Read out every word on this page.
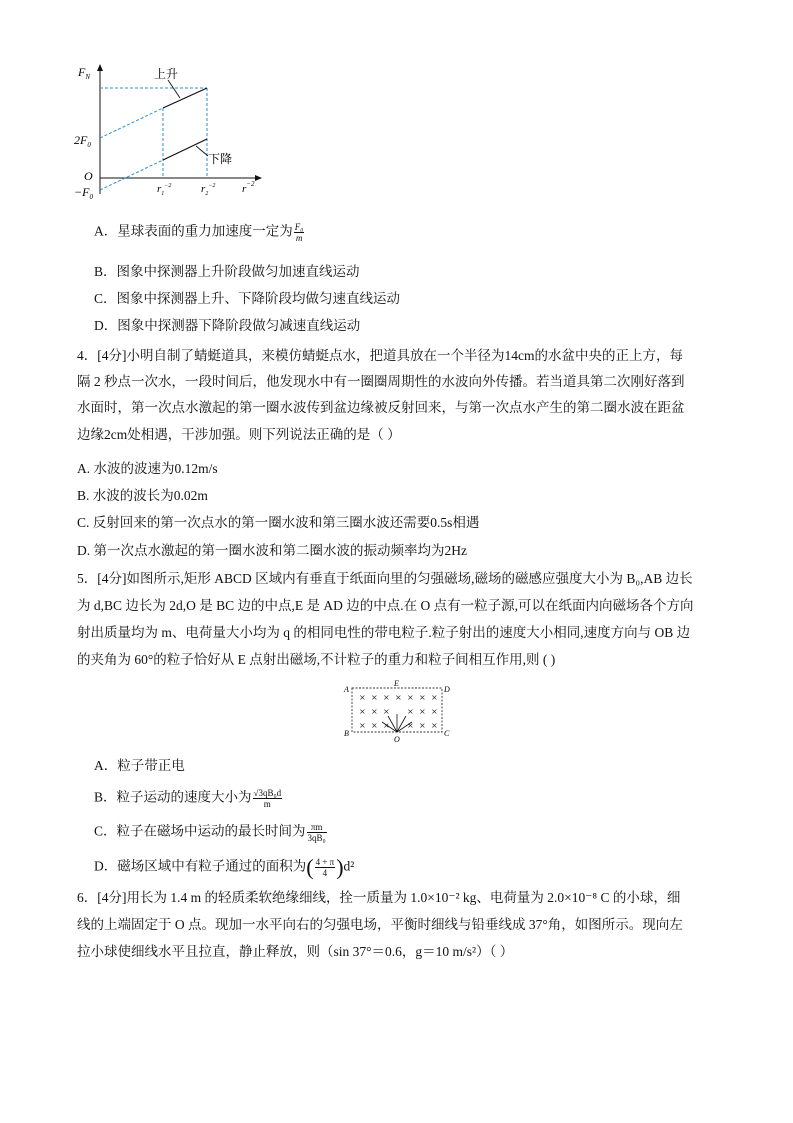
$F_N$	上升
下降
$2F_0$
O
$-F_0$
$r_1^{-2}$	$r_2^{-2}$ $r^{-2}$
A．星球表面的重力加速度一定为 $\frac{\text{F₀}}{m}$
B．图象中探测器上升阶段做匀加速直线运动
C．图象中探测器上升、下降阶段均做匀速直线运动
D．图象中探测器下降阶段做匀减速直线运动
4．[4分]小明自制了蜻蜓道具，来模仿蜻蜓点水，把道具放在一个半径为14cm的水盆中央的正上方，每
隔 2 秒点一次水，一段时间后，他发现水中有一圈圈周期性的水波向外传播。若当道具第二次刚好落到
水面时，第一次点水激起的第一圈水波传到盆边缘被反射回来，与第一次点水产生的第二圈水波在距盆
边缘2cm处相遇，干涉加强。则下列说法正确的是（ ）
A. 水波的波速为0.12m/s
B. 水波的波长为0.02m
C. 反射回来的第一次点水的第一圈水波和第三圈水波还需要0.5s相遇
D. 第一次点水激起的第一圈水波和第二圈水波的振动频率均为2Hz
5．[4分]如图所示,矩形 ABCD 区域内有垂直于纸面向里的匀强磁场,磁场的磁感应强度大小为 B₀,AB 边长
为 d,BC 边长为 2d,O 是 BC 边的中点,E 是 AD 边的中点.在 O 点有一粒子源,可以在纸面内向磁场各个方向
射出质量均为 m、电荷量大小均为 q 的相同电性的带电粒子.粒子射出的速度大小相同,速度方向与 OB 边
的夹角为 60°的粒子恰好从 E 点射出磁场,不计粒子的重力和粒子间相互作用,则 ( )
× × × × × × ×
× × × × × ×
× × × × × ×
A
E
D
B
O
C
A．粒子带正电
B．粒子运动的速度大小为 $\frac{\text{√3qB₀d}}{m}$
C．粒子在磁场中运动的最长时间为 $\frac{\pi m}{\text{3qB₀}}$
D．磁场区域中有粒子通过的面积为( $\frac{4 + \pi}{4} )d^2$
6．[4分]用长为 1.4 m 的轻质柔软绝缘细线，拴一质量为 1.0×10⁻² kg、电荷量为 2.0×10⁻⁸ C 的小球，细
线的上端固定于 O 点。现加一水平向右的匀强电场，平衡时细线与铅垂线成 37°角，如图所示。现向左
拉小球使细线水平且拉直，静止释放，则（sin 37°＝0.6，g＝10 m/s²）（ ）
